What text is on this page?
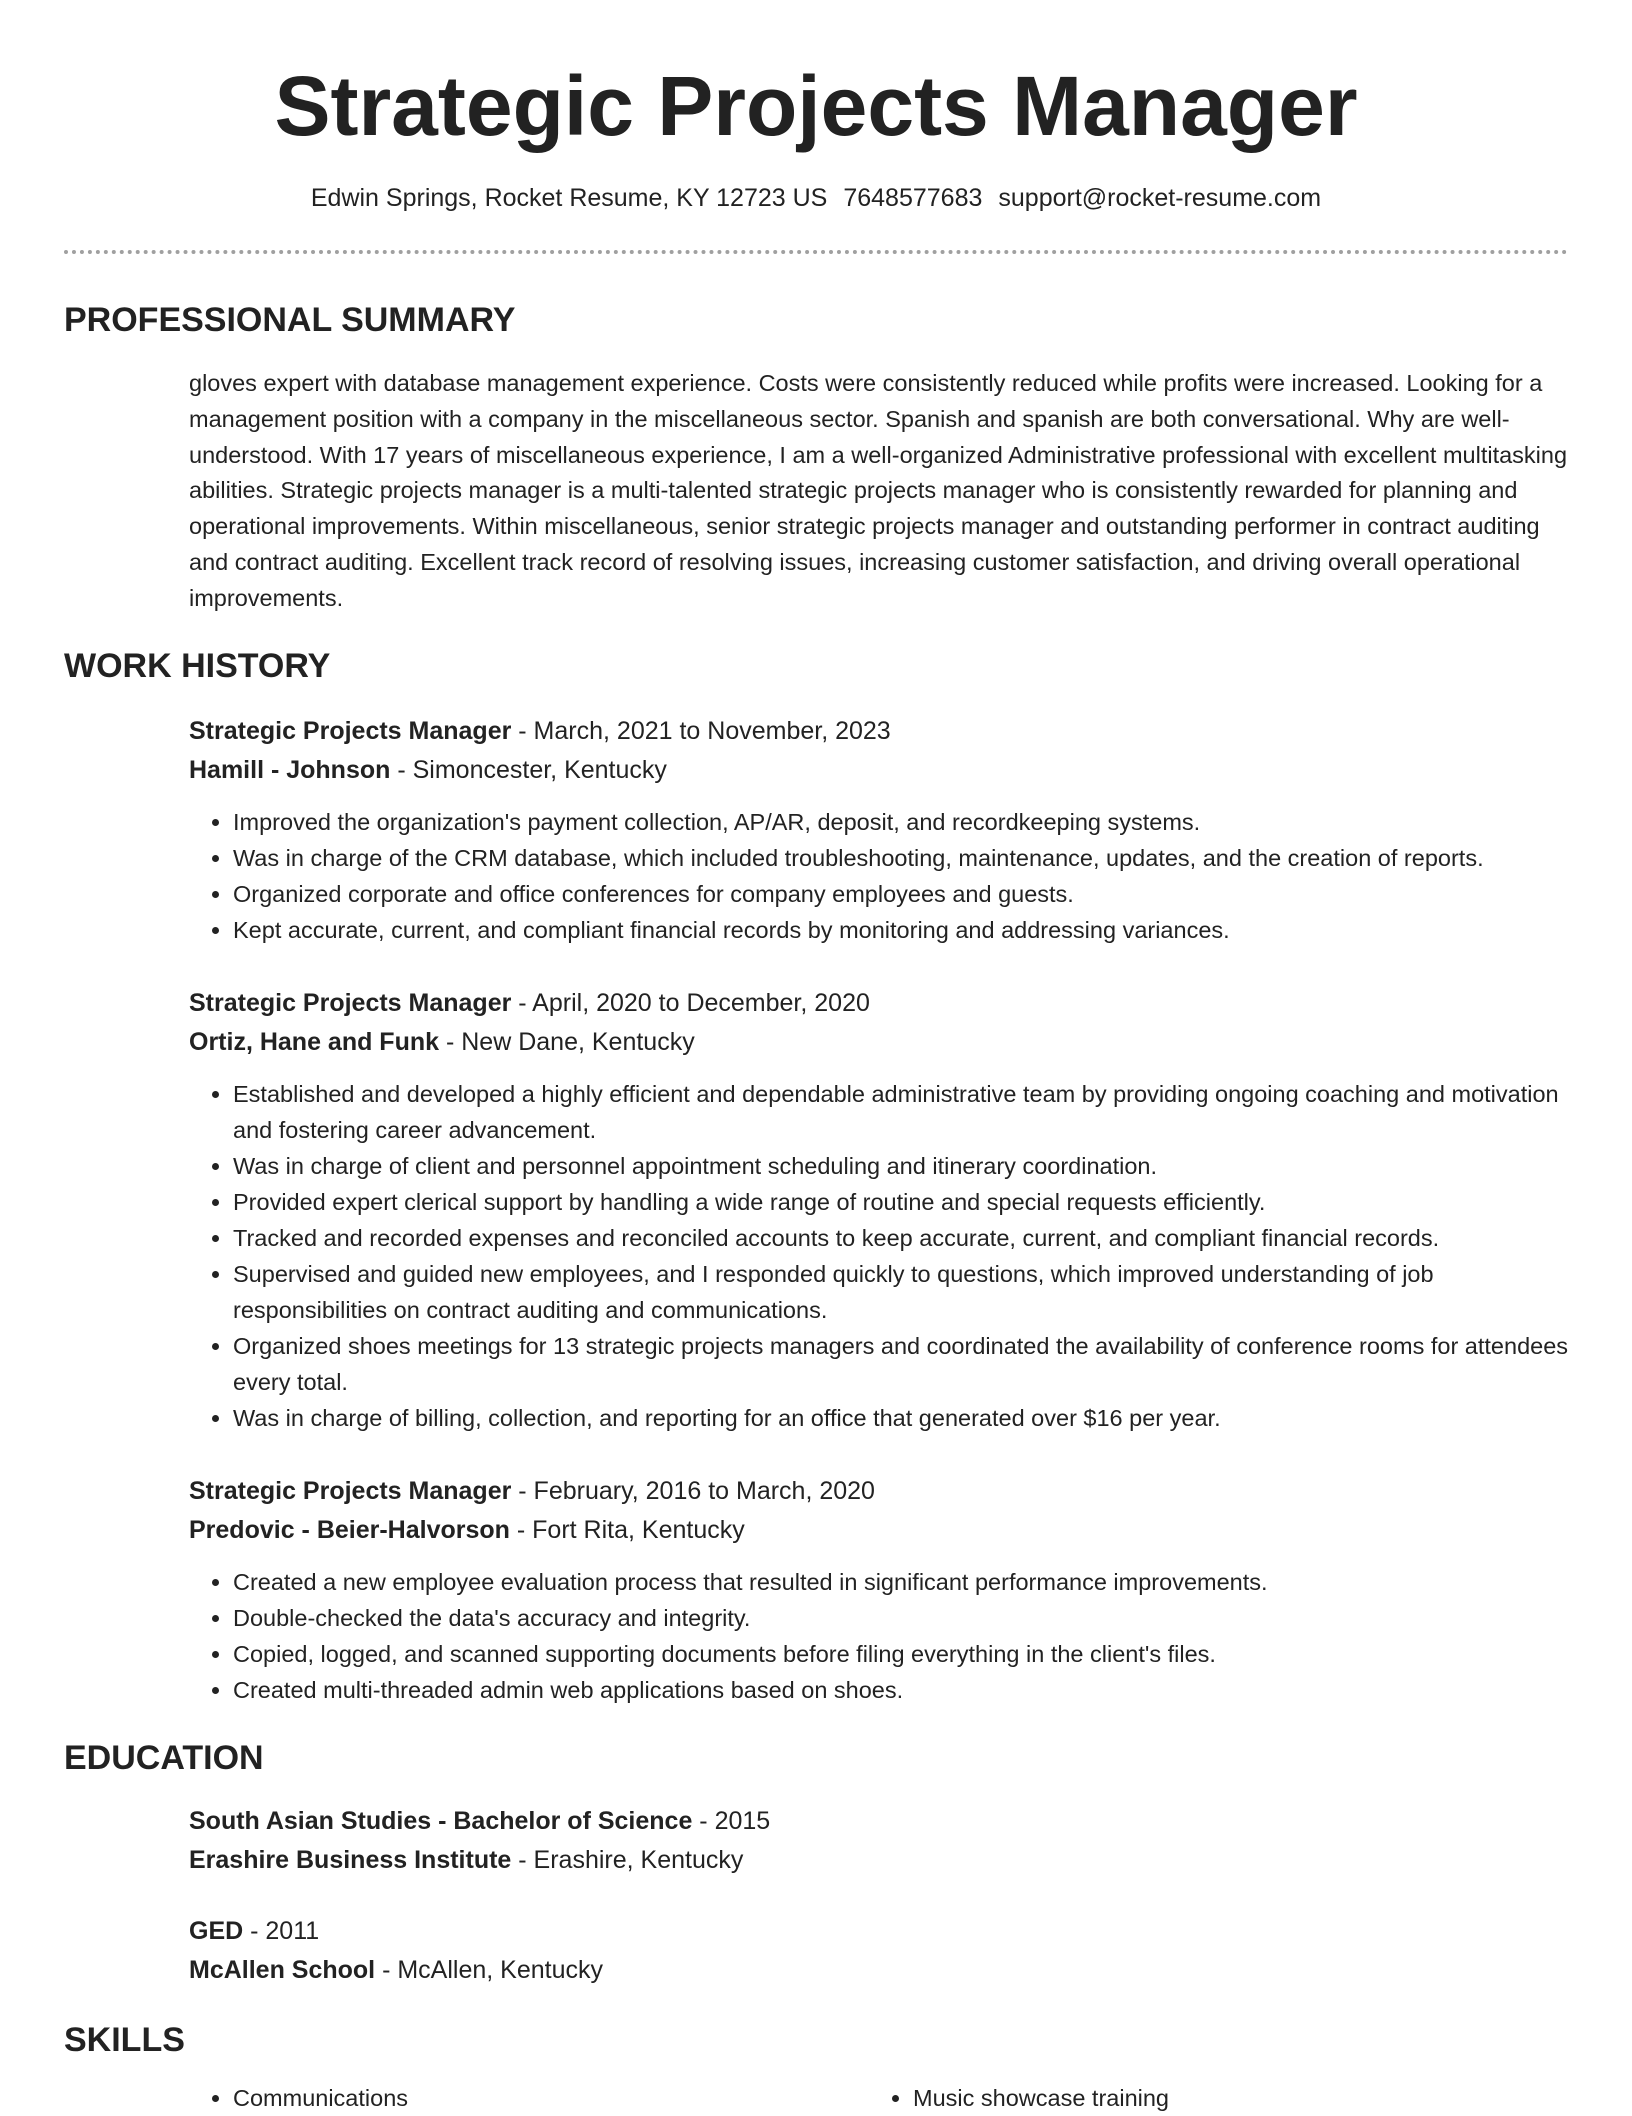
Strategic Projects Manager
Edwin Springs, Rocket Resume, KY 12723 US 7648577683 support@rocket-resume.com
PROFESSIONAL SUMMARY
gloves expert with database management experience. Costs were consistently reduced while profits were increased. Looking for a management position with a company in the miscellaneous sector. Spanish and spanish are both conversational. Why are well-understood. With 17 years of miscellaneous experience, I am a well-organized Administrative professional with excellent multitasking abilities. Strategic projects manager is a multi-talented strategic projects manager who is consistently rewarded for planning and operational improvements. Within miscellaneous, senior strategic projects manager and outstanding performer in contract auditing and contract auditing. Excellent track record of resolving issues, increasing customer satisfaction, and driving overall operational improvements.
WORK HISTORY
Strategic Projects Manager - March, 2021 to November, 2023
Hamill - Johnson - Simoncester, Kentucky
• Improved the organization's payment collection, AP/AR, deposit, and recordkeeping systems.
• Was in charge of the CRM database, which included troubleshooting, maintenance, updates, and the creation of reports.
• Organized corporate and office conferences for company employees and guests.
• Kept accurate, current, and compliant financial records by monitoring and addressing variances.
Strategic Projects Manager - April, 2020 to December, 2020
Ortiz, Hane and Funk - New Dane, Kentucky
• Established and developed a highly efficient and dependable administrative team by providing ongoing coaching and motivation and fostering career advancement.
• Was in charge of client and personnel appointment scheduling and itinerary coordination.
• Provided expert clerical support by handling a wide range of routine and special requests efficiently.
• Tracked and recorded expenses and reconciled accounts to keep accurate, current, and compliant financial records.
• Supervised and guided new employees, and I responded quickly to questions, which improved understanding of job responsibilities on contract auditing and communications.
• Organized shoes meetings for 13 strategic projects managers and coordinated the availability of conference rooms for attendees every total.
• Was in charge of billing, collection, and reporting for an office that generated over $16 per year.
Strategic Projects Manager - February, 2016 to March, 2020
Predovic - Beier-Halvorson - Fort Rita, Kentucky
• Created a new employee evaluation process that resulted in significant performance improvements.
• Double-checked the data's accuracy and integrity.
• Copied, logged, and scanned supporting documents before filing everything in the client's files.
• Created multi-threaded admin web applications based on shoes.
EDUCATION
South Asian Studies - Bachelor of Science - 2015
Erashire Business Institute - Erashire, Kentucky
GED - 2011
McAllen School - McAllen, Kentucky
SKILLS
• Communications
•	Music showcase training
